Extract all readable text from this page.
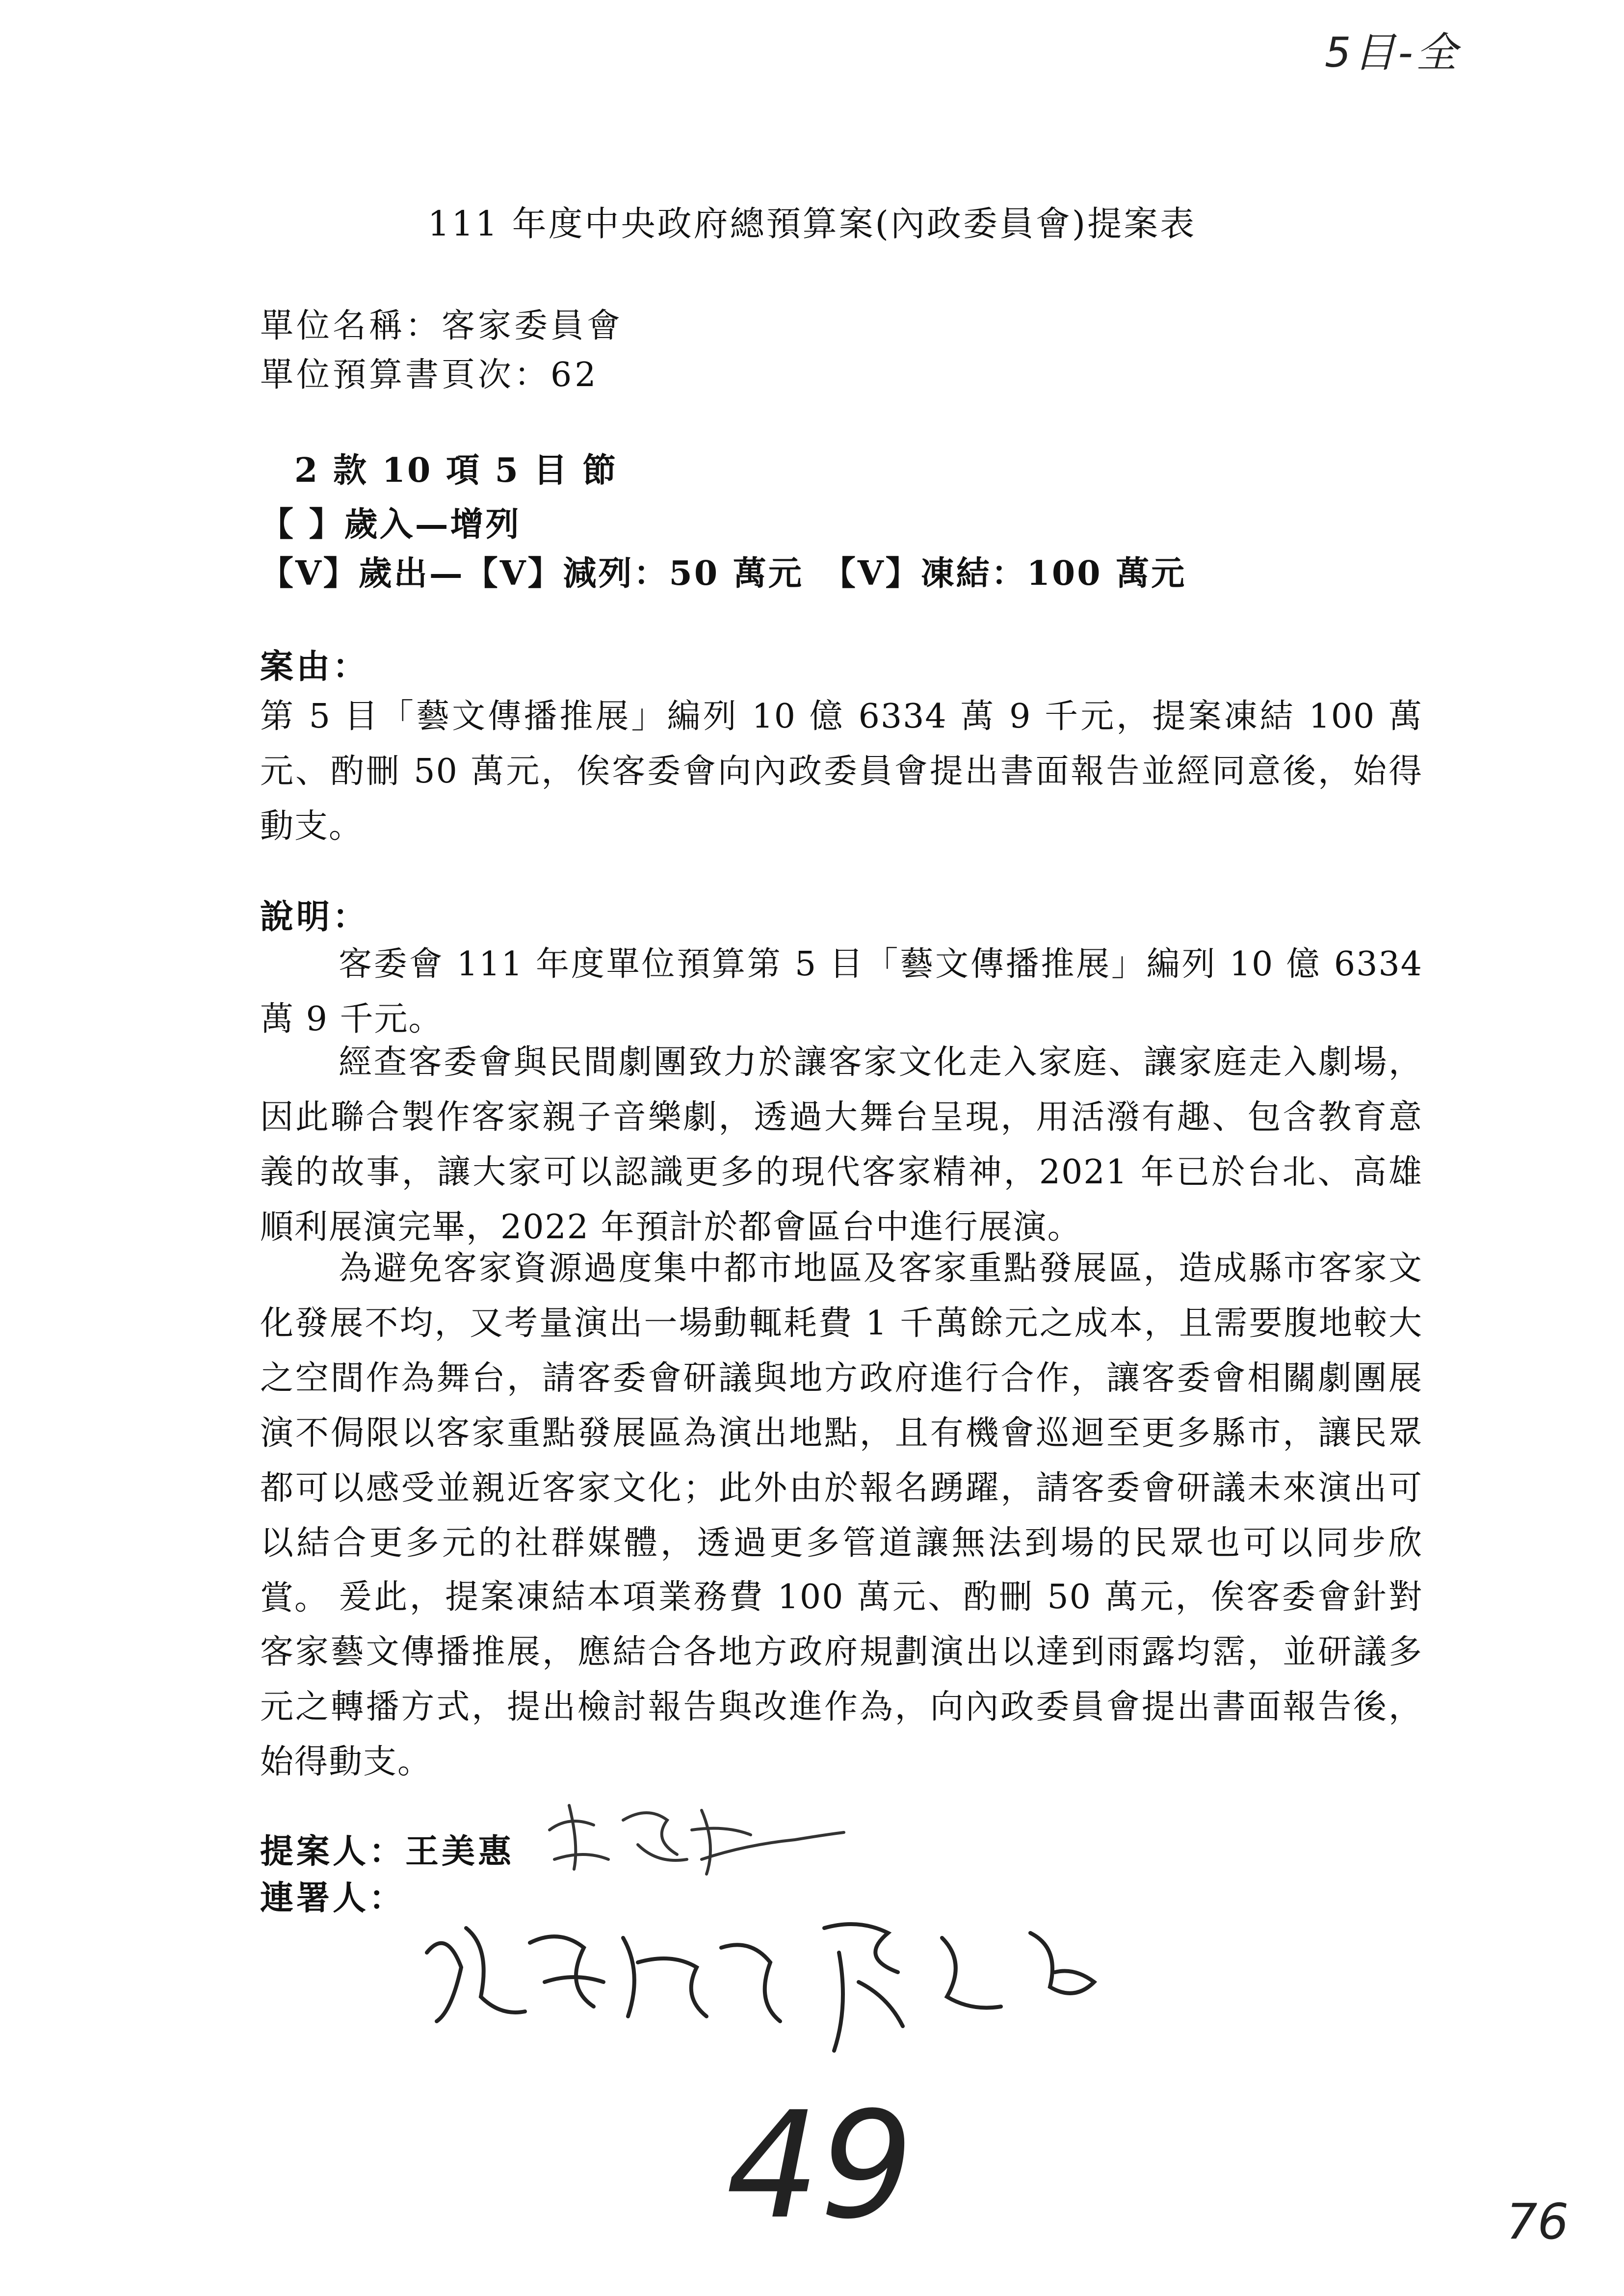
5目-全
111 年度中央政府總預算案(內政委員會)提案表
單位名稱：客家委員會
單位預算書頁次：62
2 款 10 項 5 目 節
【 】歲入—增列
【V】歲出—【V】減列：50 萬元　【V】凍結：100 萬元
案由：

第 5 目「藝文傳播推展」編列 10 億 6334 萬 9 千元，提案凍結 100 萬元、酌刪 50 萬元，俟客委會向內政委員會提出書面報告並經同意後，始得動支。

說明：

客委會 111 年度單位預算第 5 目「藝文傳播推展」編列 10 億 6334 萬 9 千元。

經查客委會與民間劇團致力於讓客家文化走入家庭、讓家庭走入劇場，因此聯合製作客家親子音樂劇，透過大舞台呈現，用活潑有趣、包含教育意義的故事，讓大家可以認識更多的現代客家精神，2021 年已於台北、高雄順利展演完畢，2022 年預計於都會區台中進行展演。

為避免客家資源過度集中都市地區及客家重點發展區，造成縣市客家文化發展不均，又考量演出一場動輒耗費 1 千萬餘元之成本，且需要腹地較大之空間作為舞台，請客委會研議與地方政府進行合作，讓客委會相關劇團展演不侷限以客家重點發展區為演出地點，且有機會巡迴至更多縣市，讓民眾都可以感受並親近客家文化；此外由於報名踴躍，請客委會研議未來演出可以結合更多元的社群媒體，透過更多管道讓無法到場的民眾也可以同步欣賞。 爰此，提案凍結本項業務費 100 萬元、酌刪 50 萬元，俟客委會針對客家藝文傳播推展，應結合各地方政府規劃演出以達到雨露均霑，並研議多元之轉播方式，提出檢討報告與改進作為，向內政委員會提出書面報告後，始得動支。

提案人：王美惠
連署人：
49	76
